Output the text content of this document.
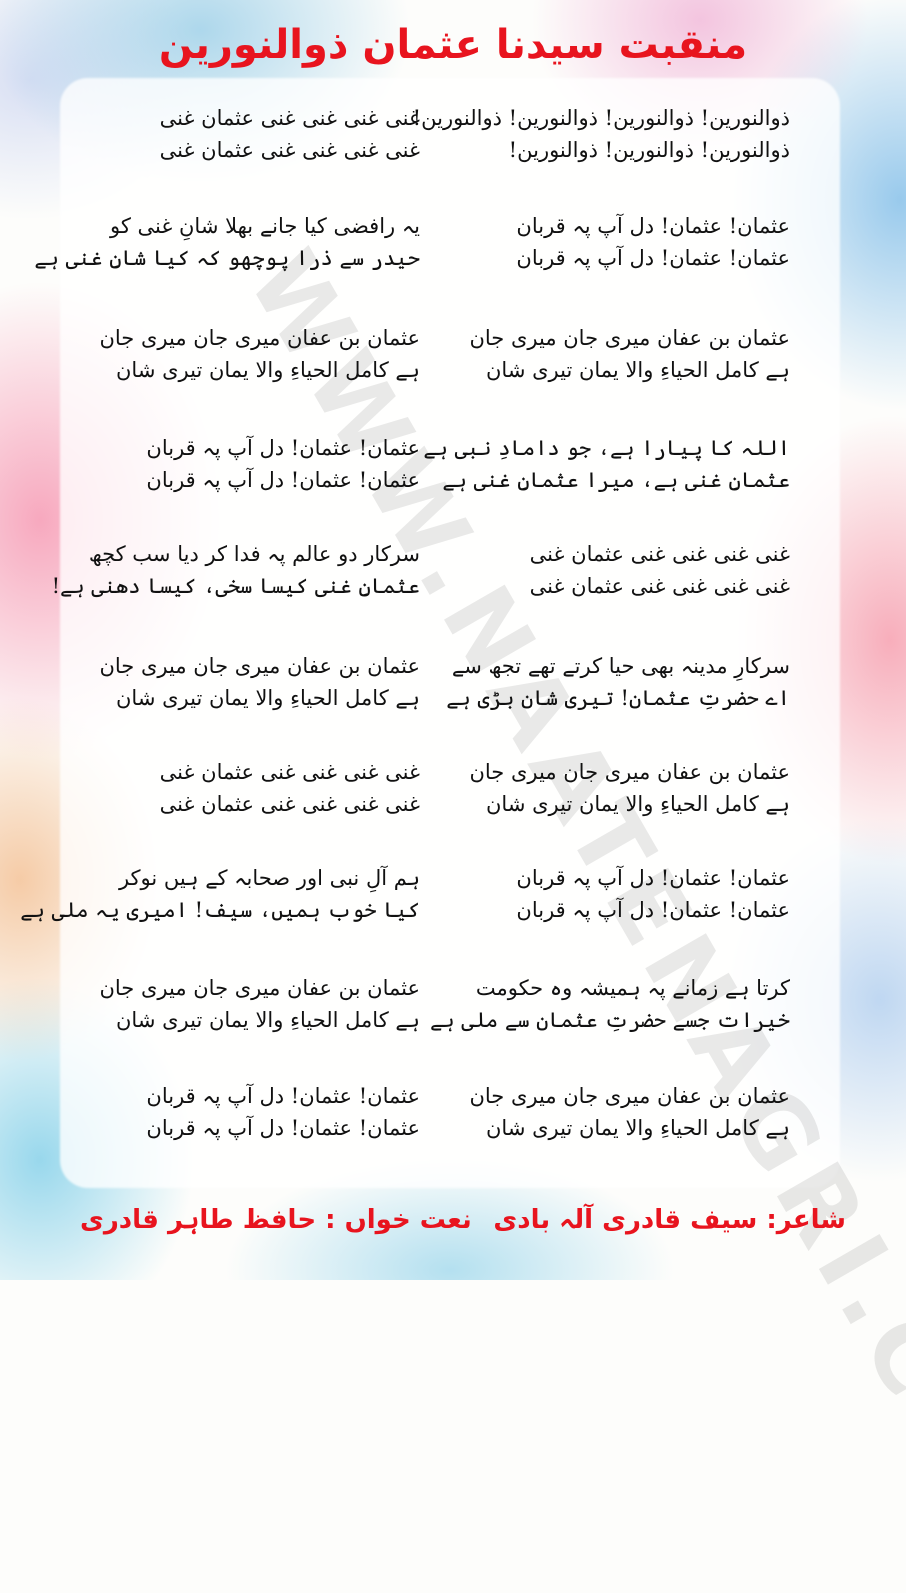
منقبت سیدنا عثمان ذوالنورین
ذوالنورین! ذوالنورین! ذوالنورین! ذوالنورین!
ذوالنورین! ذوالنورین! ذوالنورین!
غنی غنی غنی غنی عثمان غنی
غنی غنی غنی غنی عثمان غنی
عثمان! عثمان! دل آپ پہ قربان
عثمان! عثمان! دل آپ پہ قربان
یہ رافضی کیا جانے بھلا شانِ غنی کو
حیدر سے ذرا پوچھو کہ کیا شانِ غنی ہے
عثمان بن عفان میری جان میری جان
ہے کامل الحیاءِ والا یمان تیری شان
عثمان بن عفان میری جان میری جان
ہے کامل الحیاءِ والا یمان تیری شان
اللہ کا پیارا ہے، جو دامادِ نبی ہے
عثمانِ غنی ہے، میرا عثمانِ غنی ہے
عثمان! عثمان! دل آپ پہ قربان
عثمان! عثمان! دل آپ پہ قربان
غنی غنی غنی غنی عثمان غنی
غنی غنی غنی غنی عثمان غنی
سرکار دو عالم پہ فدا کر دیا سب کچھ
عثمانِ غنی کیسا سخی، کیسا دھنی ہے!
سرکارِ مدینہ بھی حیا کرتے تھے تجھ سے
اے حضرتِ عثمان! تیری شان بڑی ہے
عثمان بن عفان میری جان میری جان
ہے کامل الحیاءِ والا یمان تیری شان
عثمان بن عفان میری جان میری جان
ہے کامل الحیاءِ والا یمان تیری شان
غنی غنی غنی غنی عثمان غنی
غنی غنی غنی غنی عثمان غنی
عثمان! عثمان! دل آپ پہ قربان
عثمان! عثمان! دل آپ پہ قربان
ہم آلِ نبی اور صحابہ کے ہیں نوکر
کیا خوب ہمیں، سیف! امیری یہ ملی ہے
کرتا ہے زمانے پہ ہمیشہ وہ حکومت
خیرات جسے حضرتِ عثمان سے ملی ہے
عثمان بن عفان میری جان میری جان
ہے کامل الحیاءِ والا یمان تیری شان
عثمان بن عفان میری جان میری جان
ہے کامل الحیاءِ والا یمان تیری شان
عثمان! عثمان! دل آپ پہ قربان
عثمان! عثمان! دل آپ پہ قربان
شاعر: سیف قادری آلہ بادی
نعت خواں : حافظ طاہر قادری
